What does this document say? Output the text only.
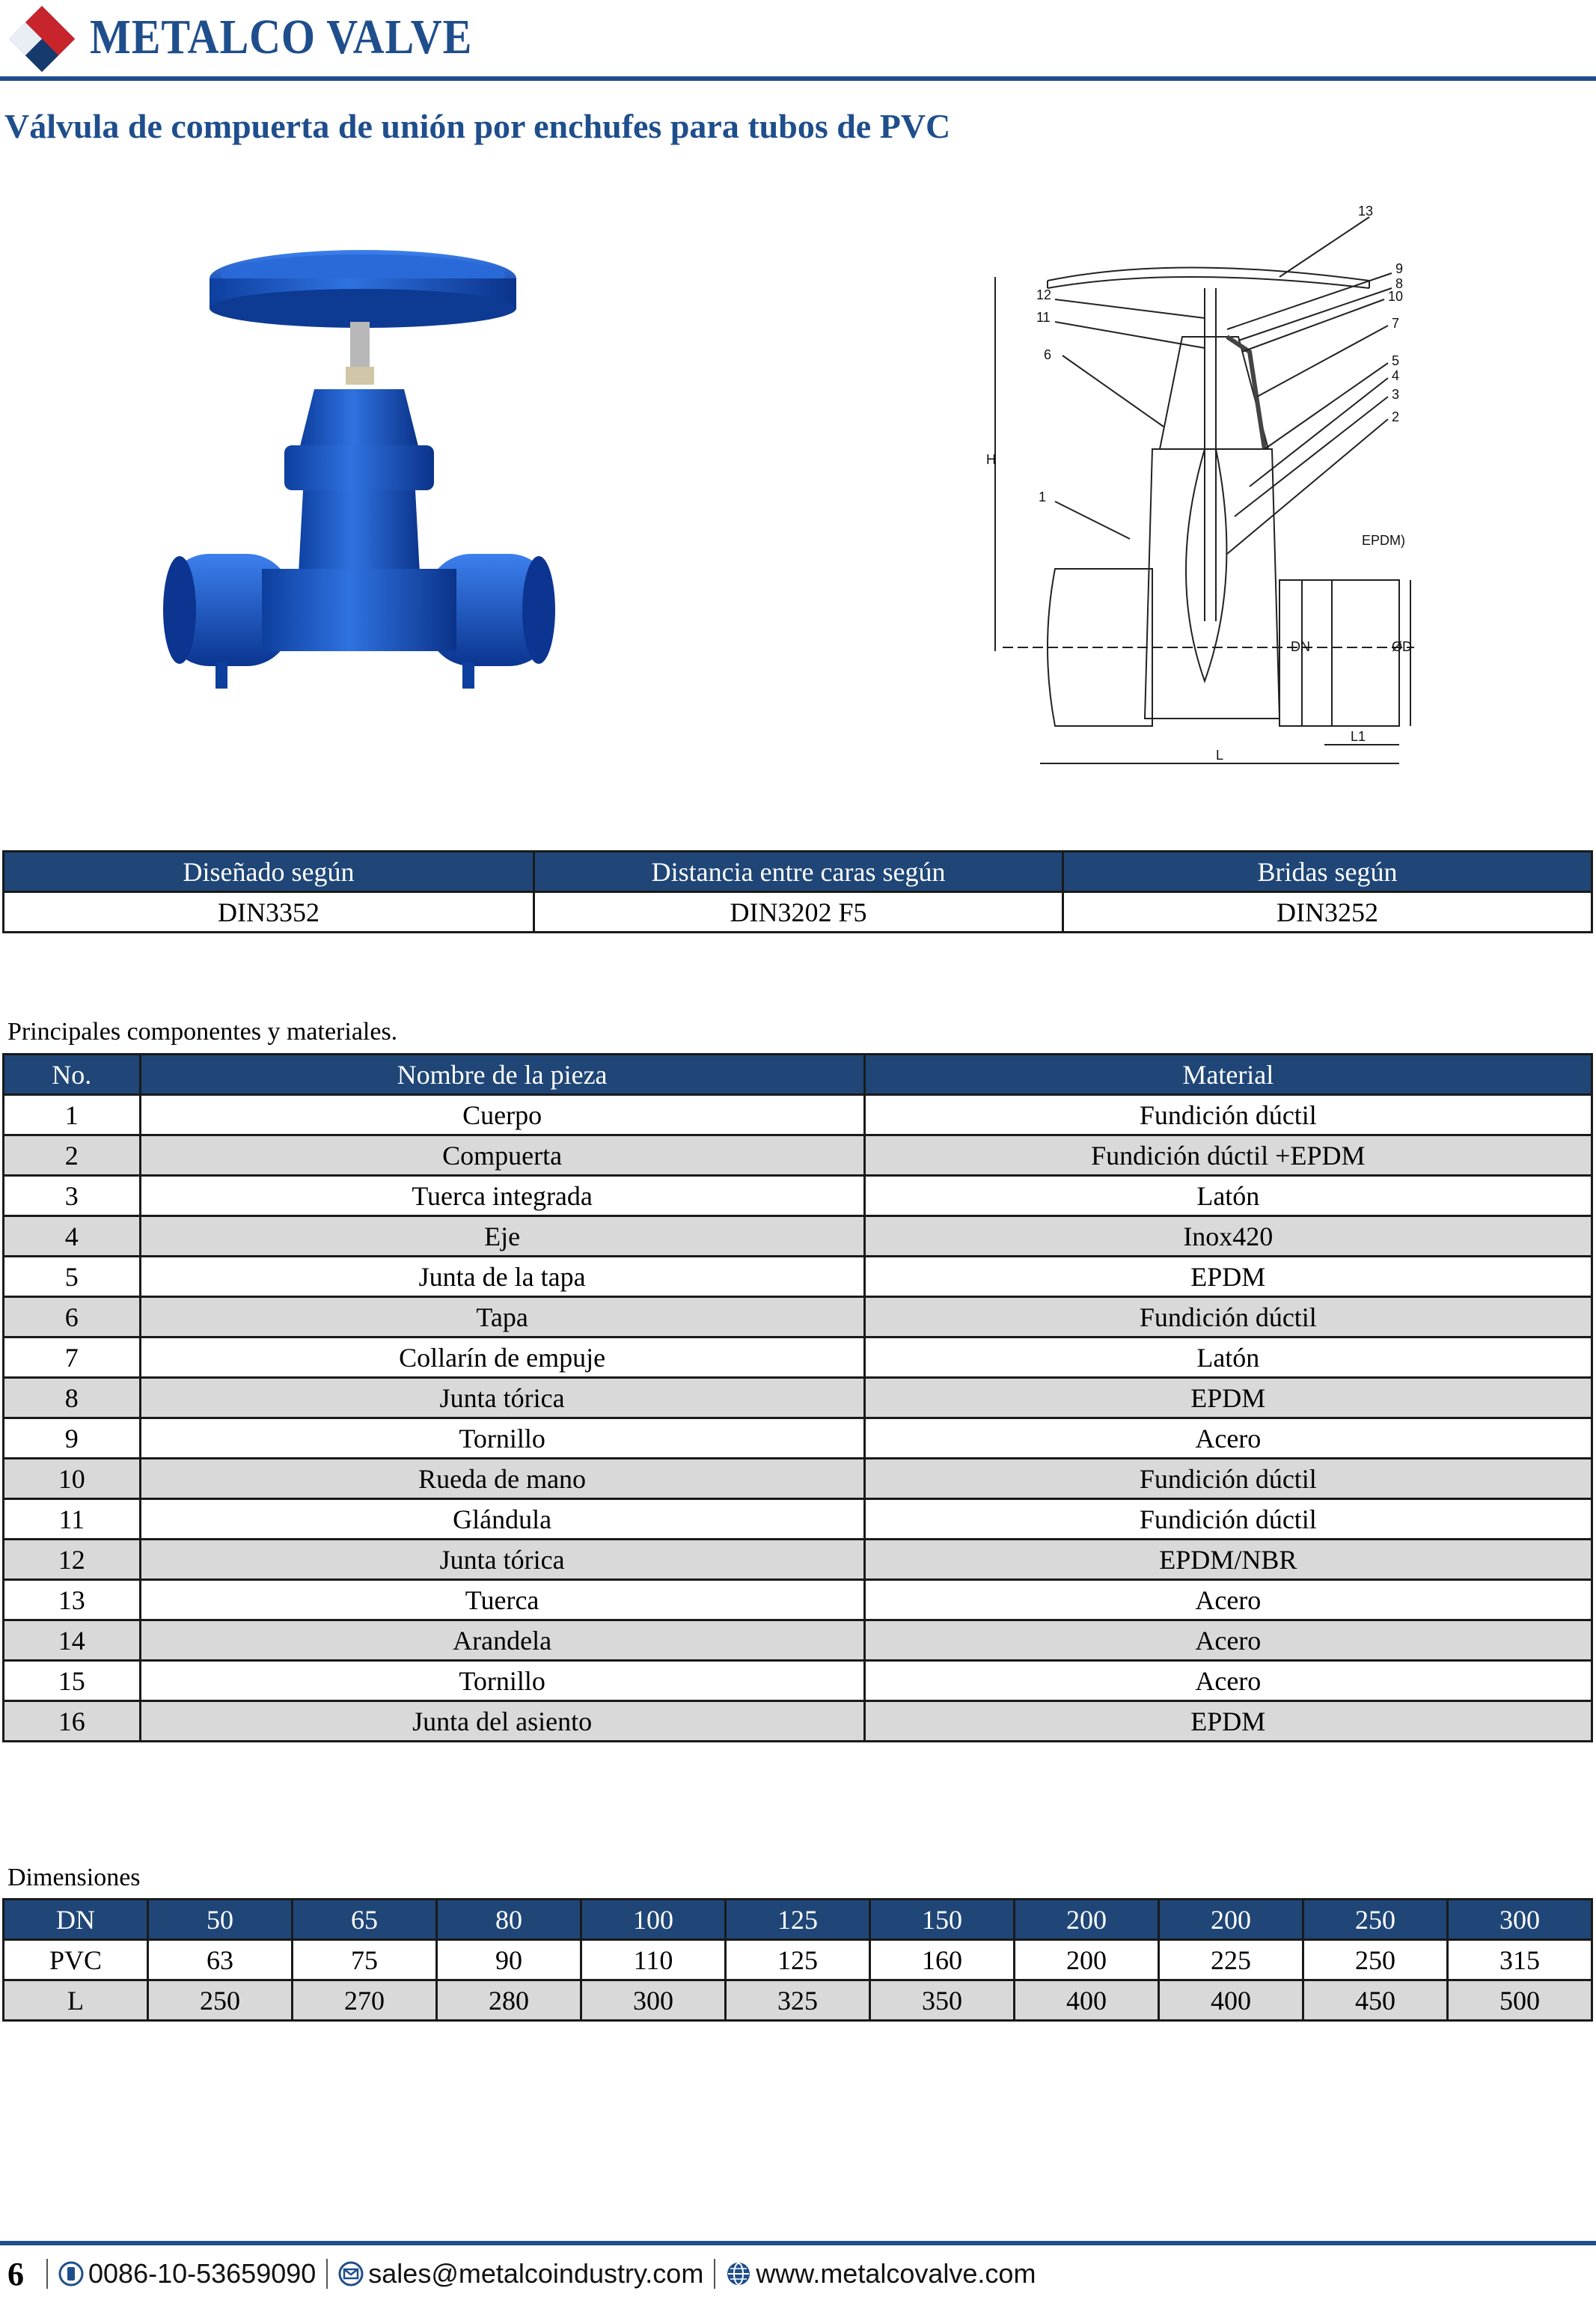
METALCO VALVE
Válvula de compuerta de unión por enchufes para tubos de PVC
13
9
8
10
12
11	7
6	5
4
3
2
1
EPDM)
H
DN	ØD
L1
L
Diseñado según	Distancia entre caras según	Bridas según
DIN3352	DIN3202 F5	DIN3252
Principales componentes y materiales.
No.	Nombre de la pieza	Material
1	Cuerpo	Fundición dúctil
2	Compuerta	Fundición dúctil +EPDM
3	Tuerca integrada	Latón
4	Eje	Inox420
5	Junta de la tapa	EPDM
6	Tapa	Fundición dúctil
7	Collarín de empuje	Latón
8	Junta tórica	EPDM
9	Tornillo	Acero
10	Rueda de mano	Fundición dúctil
11	Glándula	Fundición dúctil
12	Junta tórica	EPDM/NBR
13	Tuerca	Acero
14	Arandela	Acero
15	Tornillo	Acero
16	Junta del asiento	EPDM
Dimensiones
DN	50	65	80	100	125	150	200	200	250	300
PVC	63	75	90	110	125	160	200	225	250	315
L	250	270	280	300	325	350	400	400	450	500
6 0086-10-53659090 sales@metalcoindustry.com www.metalcovalve.com
